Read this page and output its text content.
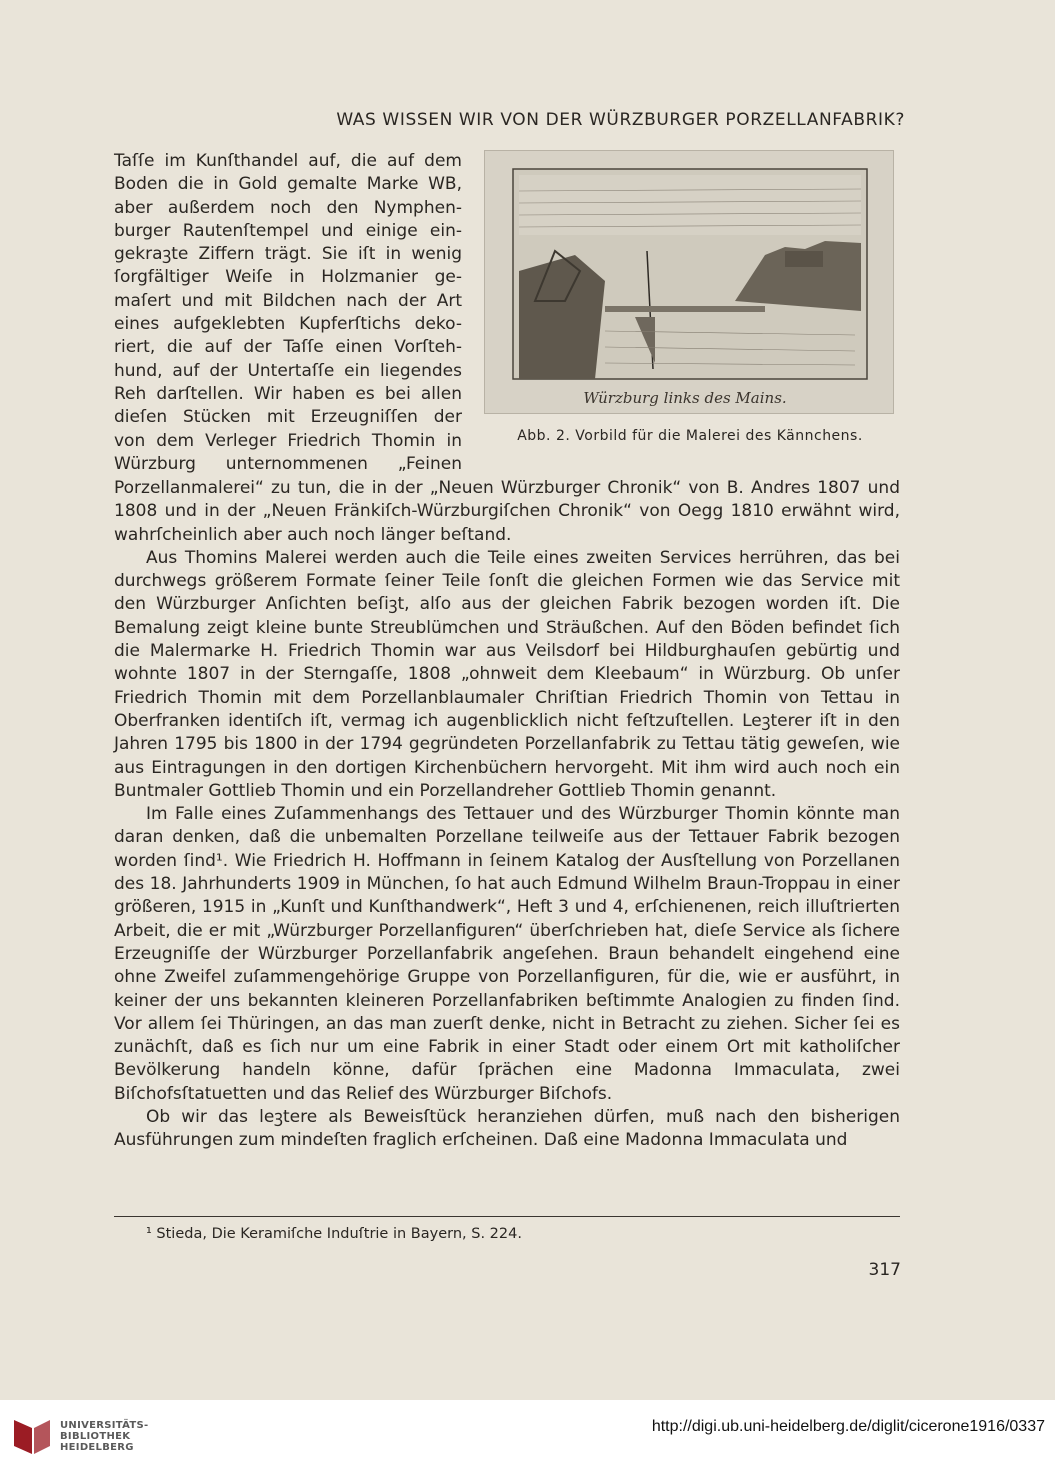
WAS WISSEN WIR VON DER WÜRZBURGER PORZELLANFABRIK?

Taſſe im Kunſthandel auf, die auf dem

Boden die in Gold gemalte Marke WB,

aber außerdem noch den Nymphen-

burger Rautenſtempel und einige ein-

gekraꝫte Ziffern trägt. Sie iſt in wenig

ſorgfältiger Weiſe in Holzmanier ge-

maſert und mit Bildchen nach der Art

eines aufgeklebten Kupferſtichs deko-

riert, die auf der Taſſe einen Vorſteh-

hund, auf der Untertaſſe ein liegendes

Reh darſtellen. Wir haben es bei allen

dieſen Stücken mit Erzeugniſſen der

von dem Verleger Friedrich Thomin in

Würzburg unternommenen „Feinen

Würzburg links des Mains.
Abb. 2. Vorbild für die Malerei des Kännchens.

Porzellanmalerei“ zu tun, die in der „Neuen Würzburger Chronik“ von B. Andres 1807 und 1808 und in der „Neuen Fränkiſch-Würzburgiſchen Chronik“ von Oegg 1810 erwähnt wird, wahrſcheinlich aber auch noch länger beſtand.

Aus Thomins Malerei werden auch die Teile eines zweiten Services herrühren, das bei durchwegs größerem Formate ſeiner Teile ſonſt die gleichen Formen wie das Service mit den Würzburger Anſichten beſiꝫt, alſo aus der gleichen Fabrik bezogen worden iſt. Die Bemalung zeigt kleine bunte Streublümchen und Sträußchen. Auf den Böden befindet ſich die Malermarke H. Friedrich Thomin war aus Veilsdorf bei Hildburghauſen gebürtig und wohnte 1807 in der Sterngaſſe, 1808 „ohnweit dem Kleebaum“ in Würzburg. Ob unſer Friedrich Thomin mit dem Porzellanblaumaler Chriſtian Friedrich Thomin von Tettau in Oberfranken identiſch iſt, vermag ich augenblicklich nicht feſtzuſtellen. Leꝫterer iſt in den Jahren 1795 bis 1800 in der 1794 gegründeten Porzellanfabrik zu Tettau tätig geweſen, wie aus Eintragungen in den dortigen Kirchenbüchern hervorgeht. Mit ihm wird auch noch ein Buntmaler Gottlieb Thomin und ein Porzellandreher Gottlieb Thomin genannt.

Im Falle eines Zuſammenhangs des Tettauer und des Würzburger Thomin könnte man daran denken, daß die unbemalten Porzellane teilweiſe aus der Tettauer Fabrik bezogen worden ſind¹. Wie Friedrich H. Hoffmann in ſeinem Katalog der Ausſtellung von Porzellanen des 18. Jahrhunderts 1909 in München, ſo hat auch Edmund Wilhelm Braun-Troppau in einer größeren, 1915 in „Kunſt und Kunſthandwerk“, Heft 3 und 4, erſchienenen, reich illuſtrierten Arbeit, die er mit „Würzburger Porzellanfiguren“ überſchrieben hat, dieſe Service als ſichere Erzeugniſſe der Würzburger Porzellanfabrik angeſehen. Braun behandelt eingehend eine ohne Zweifel zuſammengehörige Gruppe von Porzellanfiguren, für die, wie er ausführt, in keiner der uns bekannten kleineren Porzellanfabriken beſtimmte Analogien zu finden ſind. Vor allem ſei Thüringen, an das man zuerſt denke, nicht in Betracht zu ziehen. Sicher ſei es zunächſt, daß es ſich nur um eine Fabrik in einer Stadt oder einem Ort mit katholiſcher Bevölkerung handeln könne, dafür ſprächen eine Madonna Immaculata, zwei Biſchofsſtatuetten und das Relief des Würzburger Biſchofs.

Ob wir das leꝫtere als Beweisſtück heranziehen dürfen, muß nach den bisherigen Ausführungen zum mindeſten fraglich erſcheinen. Daß eine Madonna Immaculata und

¹ Stieda, Die Keramiſche Induſtrie in Bayern, S. 224.
317
UNIVERSITÄTS-
BIBLIOTHEK
HEIDELBERG
http://digi.ub.uni-heidelberg.de/diglit/cicerone1916/0337
